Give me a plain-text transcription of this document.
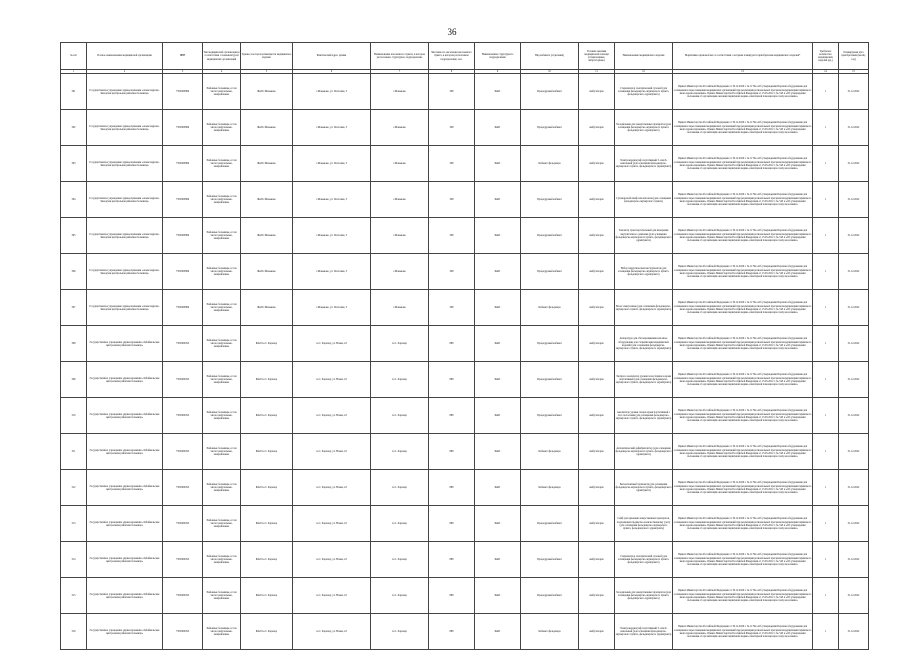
36
№ п/п	Полное наименование медицинской организации	ИНН	Тип медицинской организации в соответствии с номенклатурой медицинских организаций	Здание, в котором размещается медицинское изделие	Фактический адрес здания	Наименование населенного пункта, в котором расположено структурное подразделение	Численность населения населенного пункта, в котором расположено подразделение, чел.	Наименование структурного подразделения	Вид кабинета (отделения)	Условия оказания медицинской помощи (стационарные, амбулаторные)	Наименование медицинского изделия	Нормативно-правовой акт, в соответствии с которым планируется приобретение медицинского изделия*	Требуемое количество медицинских изделий (ед.)	Планируемая дата приобретения (месяц, год)
1	2	3	4	5	6	7	8	9	10	11	12	13	14	15
301	Государственное учреждение здравоохранения «Александрово-Заводская центральная районная больница»	7503000896	Районные больницы, в том числе центральные, межрайонные	ФАП г.Маньково	с.Маньково, ул. Почтовая, 3	с.Маньково	308	ФАП	Процедурный кабинет	Амбулаторно	Стерилизатор электрический суховой (для оснащения фельдшерско-акушерского пункта, фельдшерского здравпункта)	Приказ Министерства Российской Федерации от 30.12.2020 г. № 1179н «Об утверждении Перечня оборудования для оснащения и переоснащения медицинских организаций при реализации региональных программ модернизации первичного звена здравоохранения». Приказ Министерства Российской Федерации от 15.05.2012 г. № 543 н «Об утверждении положения об организации оказания первичной медико-санитарной помощи взрослому населению»	1	31.12.2022
302	Государственное учреждение здравоохранения «Александрово-Заводская центральная районная больница»	7503000896	Районные больницы, в том числе центральные, межрайонные	ФАП г.Маньково	с.Маньково, ул. Почтовая, 3	с.Маньково	308	ФАП	Процедурный кабинет	Амбулаторно	Холодильник для лекарственных препаратов (для оснащения фельдшерско-акушерского пункта, фельдшерского здравпункта)	Приказ Министерства Российской Федерации от 30.12.2020 г. № 1179н «Об утверждении Перечня оборудования для оснащения и переоснащения медицинских организаций при реализации региональных программ модернизации первичного звена здравоохранения». Приказ Министерства Российской Федерации от 15.05.2012 г. № 543 н «Об утверждении положения об организации оказания первичной медико-санитарной помощи взрослому населению»	1	31.12.2022
303	Государственное учреждение здравоохранения «Александрово-Заводская центральная районная больница»	7503000896	Районные больницы, в том числе центральные, межрайонные	ФАП г.Маньково	с.Маньково, ул. Почтовая, 3	с.Маньково	308	ФАП	Кабинет фельдшера	Амбулаторно	Электрокардиограф портативный 3- или 6- канальный (для оснащения фельдшерско-акушерского пункта, фельдшерского здравпункта)	Приказ Министерства Российской Федерации от 30.12.2020 г. № 1179н «Об утверждении Перечня оборудования для оснащения и переоснащения медицинских организаций при реализации региональных программ модернизации первичного звена здравоохранения». Приказ Министерства Российской Федерации от 15.05.2012 г. № 543 н «Об утверждении положения об организации оказания первичной медико-санитарной помощи взрослому населению»	1	31.12.2022
304	Государственное учреждение здравоохранения «Александрово-Заводская центральная районная больница»	7503000896	Районные больницы, в том числе центральные, межрайонные	ФАП г.Маньково	с.Маньково, ул. Почтовая, 3	с.Маньково	308	ФАП	Процедурный кабинет	Амбулаторно	Сухожаровой шкаф или автоклав (для оснащения фельдшерско-акушерского пункта)	Приказ Министерства Российской Федерации от 30.12.2020 г. № 1179н «Об утверждении Перечня оборудования для оснащения и переоснащения медицинских организаций при реализации региональных программ модернизации первичного звена здравоохранения». Приказ Министерства Российской Федерации от 15.05.2012 г. № 543 н «Об утверждении положения об организации оказания первичной медико-санитарной помощи взрослому населению»	1	31.12.2022
305	Государственное учреждение здравоохранения «Александрово-Заводская центральная районная больница»	7503000896	Районные больницы, в том числе центральные, межрайонные	ФАП г.Маньково	с.Маньково, ул. Почтовая, 3	с.Маньково	308	ФАП	Процедурный кабинет	Амбулаторно	Тонометр транспортабельный для измерения внутриглазного давления (для оснащения фельдшерско-акушерского пункта, фельдшерского здравпункта)	Приказ Министерства Российской Федерации от 30.12.2020 г. № 1179н «Об утверждении Перечня оборудования для оснащения и переоснащения медицинских организаций при реализации региональных программ модернизации первичного звена здравоохранения». Приказ Министерства Российской Федерации от 15.05.2012 г. № 543 н «Об утверждении положения об организации оказания первичной медико-санитарной помощи взрослому населению»	1	31.12.2022
306	Государственное учреждение здравоохранения «Александрово-Заводская центральная районная больница»	7503000896	Районные больницы, в том числе центральные, межрайонные	ФАП г.Маньково	с.Маньково, ул. Почтовая, 3	с.Маньково	308	ФАП	Процедурный кабинет	Амбулаторно	Набор хирургических инструментов (для оснащения фельдшерско-акушерского пункта, фельдшерского здравпункта)	Приказ Министерства Российской Федерации от 30.12.2020 г. № 1179н «Об утверждении Перечня оборудования для оснащения и переоснащения медицинских организаций при реализации региональных программ модернизации первичного звена здравоохранения». Приказ Министерства Российской Федерации от 15.05.2012 г. № 543 н «Об утверждении положения об организации оказания первичной медико-санитарной помощи взрослому населению»	1	31.12.2022
307	Государственное учреждение здравоохранения «Александрово-Заводская центральная районная больница»	7503000896	Районные больницы, в том числе центральные, межрайонные	ФАП г.Маньково	с.Маньково, ул. Почтовая, 3	с.Маньково	308	ФАП	Кабинет фельдшера	Амбулаторно	Весы электронные (для оснащения фельдшерско-акушерского пункта, фельдшерского здравпункта)	Приказ Министерства Российской Федерации от 30.12.2020 г. № 1179н «Об утверждении Перечня оборудования для оснащения и переоснащения медицинских организаций при реализации региональных программ модернизации первичного звена здравоохранения». Приказ Министерства Российской Федерации от 15.05.2012 г. № 543 н «Об утверждении положения об организации оказания первичной медико-санитарной помощи взрослому населению»	1	31.12.2022
308	Государственное учреждение здравоохранения «Забайкальская центральная районная больница»	7505000050	Районные больницы, в том числе центральные, межрайонные	ФАП п.ст. Харанор	п.ст. Харанор, ул. Новая, 22	п.ст. Харанор	888	ФАП	Процедурный кабинет	Амбулаторно	Аппаратура для обеззараживания или иное оборудование для стерилизации медицинских изделий (для оснащения фельдшерско-акушерского пункта, фельдшерского здравпункта)	Приказ Министерства Российской Федерации от 30.12.2020 г. № 1179н «Об утверждении Перечня оборудования для оснащения и переоснащения медицинских организаций при реализации региональных программ модернизации первичного звена здравоохранения». Приказ Министерства Российской Федерации от 15.05.2012 г. № 543 н «Об утверждении положения об организации оказания первичной медико-санитарной помощи взрослому населению»	1	31.12.2022
309	Государственное учреждение здравоохранения «Забайкальская центральная районная больница»	7505000050	Районные больницы, в том числе центральные, межрайонные	ФАП п.ст. Харанор	п.ст. Харанор, ул. Новая, 22	п.ст. Харанор	888	ФАП	Процедурный кабинет	Амбулаторно	Экспресс-анализатор уровня холестерина в крови портативный (для оснащения фельдшерско-акушерского пункта, фельдшерского здравпункта)	Приказ Министерства Российской Федерации от 30.12.2020 г. № 1179н «Об утверждении Перечня оборудования для оснащения и переоснащения медицинских организаций при реализации региональных программ модернизации первичного звена здравоохранения». Приказ Министерства Российской Федерации от 15.05.2012 г. № 543 н «Об утверждении положения об организации оказания первичной медико-санитарной помощи взрослому населению»	1	31.12.2022
310	Государственное учреждение здравоохранения «Забайкальская центральная районная больница»	7505000050	Районные больницы, в том числе центральные, межрайонные	ФАП п.ст. Харанор	п.ст. Харанор, ул. Новая, 22	п.ст. Харанор	888	ФАП	Процедурный кабинет	Амбулаторно	Анализатор уровня сахара крови портативный с тест-полосками (для оснащения фельдшерско-акушерского пункта, фельдшерского здравпункта)	Приказ Министерства Российской Федерации от 30.12.2020 г. № 1179н «Об утверждении Перечня оборудования для оснащения и переоснащения медицинских организаций при реализации региональных программ модернизации первичного звена здравоохранения». Приказ Министерства Российской Федерации от 15.05.2012 г. № 543 н «Об утверждении положения об организации оказания первичной медико-санитарной помощи взрослому населению»	1	31.12.2022
311	Государственное учреждение здравоохранения «Забайкальская центральная районная больница»	7505000050	Районные больницы, в том числе центральные, межрайонные	ФАП п.ст. Харанор	п.ст. Харанор, ул. Новая, 22	п.ст. Харанор	888	ФАП	Кабинет фельдшера	Амбулаторно	Автоматический дефибриллятор (для оснащения фельдшерско-акушерского пункта, фельдшерского здравпункта)	Приказ Министерства Российской Федерации от 30.12.2020 г. № 1179н «Об утверждении Перечня оборудования для оснащения и переоснащения медицинских организаций при реализации региональных программ модернизации первичного звена здравоохранения». Приказ Министерства Российской Федерации от 15.05.2012 г. № 543 н «Об утверждении положения об организации оказания первичной медико-санитарной помощи взрослому населению»	1	31.12.2022
312	Государственное учреждение здравоохранения «Забайкальская центральная районная больница»	7505000050	Районные больницы, в том числе центральные, межрайонные	ФАП п.ст. Харанор	п.ст. Харанор, ул. Новая, 22	п.ст. Харанор	888	ФАП	Кабинет фельдшера	Амбулаторно	Бесконтактный термометр (для оснащения фельдшерско-акушерского пункта, фельдшерского здравпункта)	Приказ Министерства Российской Федерации от 30.12.2020 г. № 1179н «Об утверждении Перечня оборудования для оснащения и переоснащения медицинских организаций при реализации региональных программ модернизации первичного звена здравоохранения». Приказ Министерства Российской Федерации от 15.05.2012 г. № 543 н «Об утверждении положения об организации оказания первичной медико-санитарной помощи взрослому населению»	1	31.12.2022
313	Государственное учреждение здравоохранения «Забайкальская центральная районная больница»	7505000050	Районные больницы, в том числе центральные, межрайонные	ФАП п.ст. Харанор	п.ст. Харанор, ул. Новая, 22	п.ст. Харанор	888	ФАП	Процедурный кабинет	Амбулаторно	Сейф для хранения лекарственных препаратов, подлежащих предметно-количественному учету (для оснащения фельдшерско-акушерского пункта, фельдшерского здравпункта)	Приказ Министерства Российской Федерации от 30.12.2020 г. № 1179н «Об утверждении Перечня оборудования для оснащения и переоснащения медицинских организаций при реализации региональных программ модернизации первичного звена здравоохранения». Приказ Министерства Российской Федерации от 15.05.2012 г. № 543 н «Об утверждении положения об организации оказания первичной медико-санитарной помощи взрослому населению»	1	31.12.2022
314	Государственное учреждение здравоохранения «Забайкальская центральная районная больница»	7505000050	Районные больницы, в том числе центральные, межрайонные	ФАП п.ст. Харанор	п.ст. Харанор, ул. Новая, 22	п.ст. Харанор	888	ФАП	Процедурный кабинет	Амбулаторно	Стерилизатор электрический суховой (для оснащения фельдшерско-акушерского пункта, фельдшерского здравпункта)	Приказ Министерства Российской Федерации от 30.12.2020 г. № 1179н «Об утверждении Перечня оборудования для оснащения и переоснащения медицинских организаций при реализации региональных программ модернизации первичного звена здравоохранения». Приказ Министерства Российской Федерации от 15.05.2012 г. № 543 н «Об утверждении положения об организации оказания первичной медико-санитарной помощи взрослому населению»	1	31.12.2022
315	Государственное учреждение здравоохранения «Забайкальская центральная районная больница»	7505000050	Районные больницы, в том числе центральные, межрайонные	ФАП п.ст. Харанор	п.ст. Харанор, ул. Новая, 22	п.ст. Харанор	888	ФАП	Процедурный кабинет	Амбулаторно	Холодильник для лекарственных препаратов (для оснащения фельдшерско-акушерского пункта, фельдшерского здравпункта)	Приказ Министерства Российской Федерации от 30.12.2020 г. № 1179н «Об утверждении Перечня оборудования для оснащения и переоснащения медицинских организаций при реализации региональных программ модернизации первичного звена здравоохранения». Приказ Министерства Российской Федерации от 15.05.2012 г. № 543 н «Об утверждении положения об организации оказания первичной медико-санитарной помощи взрослому населению»	1	31.12.2022
316	Государственное учреждение здравоохранения «Забайкальская центральная районная больница»	7505000050	Районные больницы, в том числе центральные, межрайонные	ФАП п.ст. Харанор	п.ст. Харанор, ул. Новая, 22	п.ст. Харанор	888	ФАП	Кабинет фельдшера	Амбулаторно	Электрокардиограф портативный 3- или 6- канальный (для оснащения фельдшерско-акушерского пункта, фельдшерского здравпункта)	Приказ Министерства Российской Федерации от 30.12.2020 г. № 1179н «Об утверждении Перечня оборудования для оснащения и переоснащения медицинских организаций при реализации региональных программ модернизации первичного звена здравоохранения». Приказ Министерства Российской Федерации от 15.05.2012 г. № 543 н «Об утверждении положения об организации оказания первичной медико-санитарной помощи взрослому населению»	1	31.12.2022
